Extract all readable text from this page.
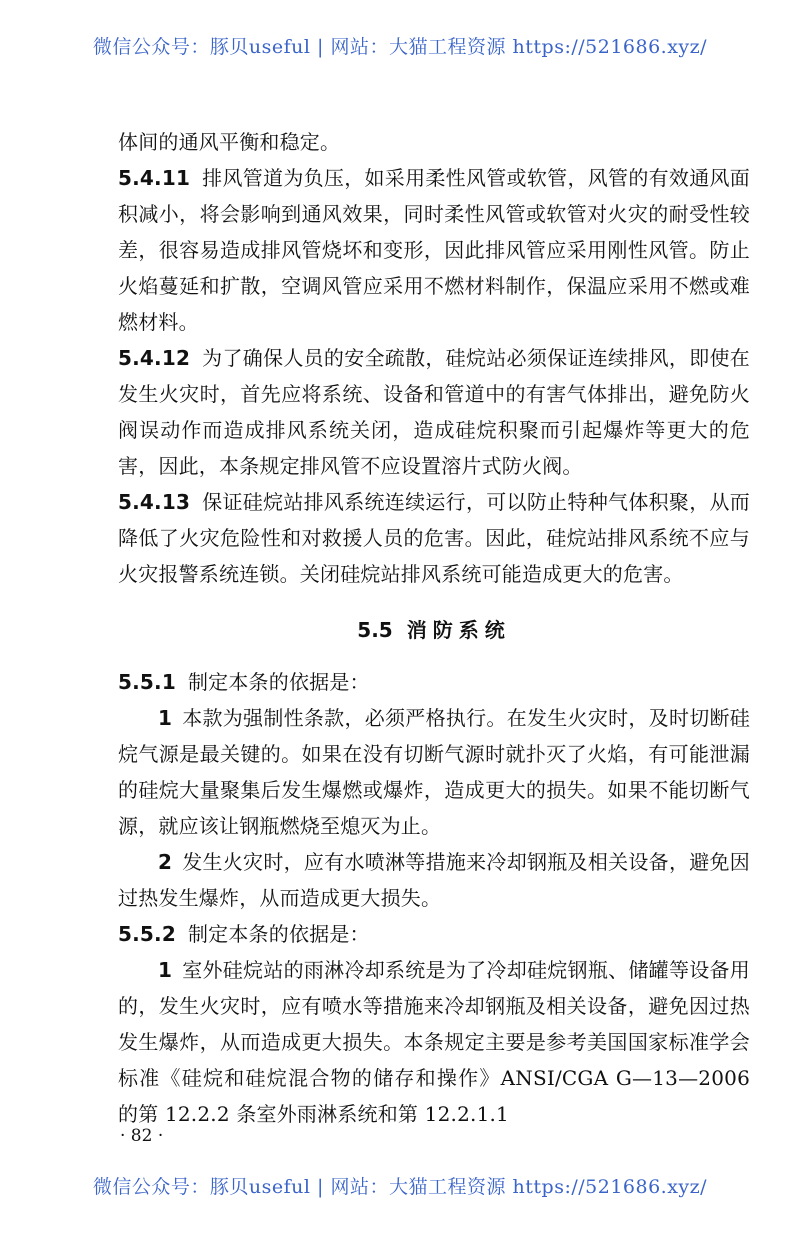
微信公众号：豚贝useful | 网站：大猫工程资源 https://521686.xyz/

体间的通风平衡和稳定。

5.4.11 排风管道为负压，如采用柔性风管或软管，风管的有效通风面积减小，将会影响到通风效果，同时柔性风管或软管对火灾的耐受性较差，很容易造成排风管烧坏和变形，因此排风管应采用刚性风管。防止火焰蔓延和扩散，空调风管应采用不燃材料制作，保温应采用不燃或难燃材料。

5.4.12 为了确保人员的安全疏散，硅烷站必须保证连续排风，即使在发生火灾时，首先应将系统、设备和管道中的有害气体排出，避免防火阀误动作而造成排风系统关闭，造成硅烷积聚而引起爆炸等更大的危害，因此，本条规定排风管不应设置溶片式防火阀。

5.4.13 保证硅烷站排风系统连续运行，可以防止特种气体积聚，从而降低了火灾危险性和对救援人员的危害。因此，硅烷站排风系统不应与火灾报警系统连锁。关闭硅烷站排风系统可能造成更大的危害。

5.5 消防系统

5.5.1 制定本条的依据是：

1 本款为强制性条款，必须严格执行。在发生火灾时，及时切断硅烷气源是最关键的。如果在没有切断气源时就扑灭了火焰，有可能泄漏的硅烷大量聚集后发生爆燃或爆炸，造成更大的损失。如果不能切断气源，就应该让钢瓶燃烧至熄灭为止。

2 发生火灾时，应有水喷淋等措施来冷却钢瓶及相关设备，避免因过热发生爆炸，从而造成更大损失。

5.5.2 制定本条的依据是：

1 室外硅烷站的雨淋冷却系统是为了冷却硅烷钢瓶、储罐等设备用的，发生火灾时，应有喷水等措施来冷却钢瓶及相关设备，避免因过热发生爆炸，从而造成更大损失。本条规定主要是参考美国国家标准学会标准《硅烷和硅烷混合物的储存和操作》ANSI/CGA G—13—2006 的第 12.2.2 条室外雨淋系统和第 12.2.1.1

· 82 ·
微信公众号：豚贝useful | 网站：大猫工程资源 https://521686.xyz/
